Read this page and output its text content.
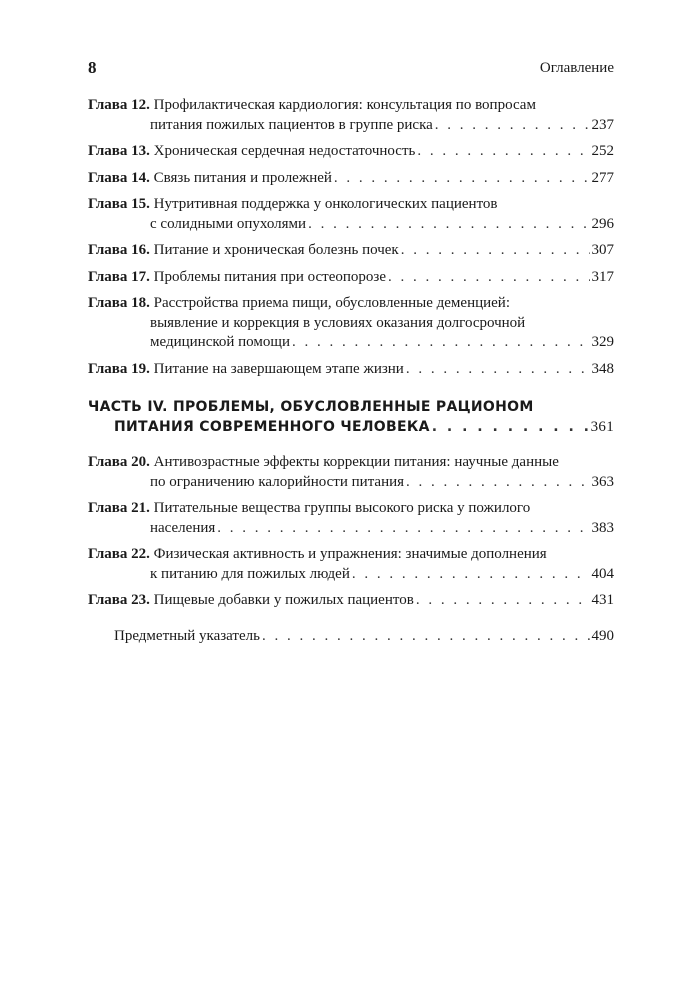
8	Оглавление
Глава 12. Профилактическая кардиология: консультация по вопросам
питания пожилых пациентов в группе риска . . .	237
Глава 13. Хроническая сердечная недостаточность . . .	252
Глава 14. Связь питания и пролежней . . .	277
Глава 15. Нутритивная поддержка у онкологических пациентов
с солидными опухолями . . .	296
Глава 16. Питание и хроническая болезнь почек . . .	307
Глава 17. Проблемы питания при остеопорозе . . .	317
Глава 18. Расстройства приема пищи, обусловленные деменцией:
выявление и коррекция в условиях оказания долгосрочной
медицинской помощи . . .	329
Глава 19. Питание на завершающем этапе жизни . . .	348
ЧАСТЬ IV. ПРОБЛЕМЫ, ОБУСЛОВЛЕННЫЕ РАЦИОНОМ
ПИТАНИЯ СОВРЕМЕННОГО ЧЕЛОВЕКА . . .	361
Глава 20. Антивозрастные эффекты коррекции питания: научные данные
по ограничению калорийности питания . . .	363
Глава 21. Питательные вещества группы высокого риска у пожилого
населения . . .	383
Глава 22. Физическая активность и упражнения: значимые дополнения
к питанию для пожилых людей . . .	404
Глава 23. Пищевые добавки у пожилых пациентов . . .	431
Предметный указатель . . .	490
